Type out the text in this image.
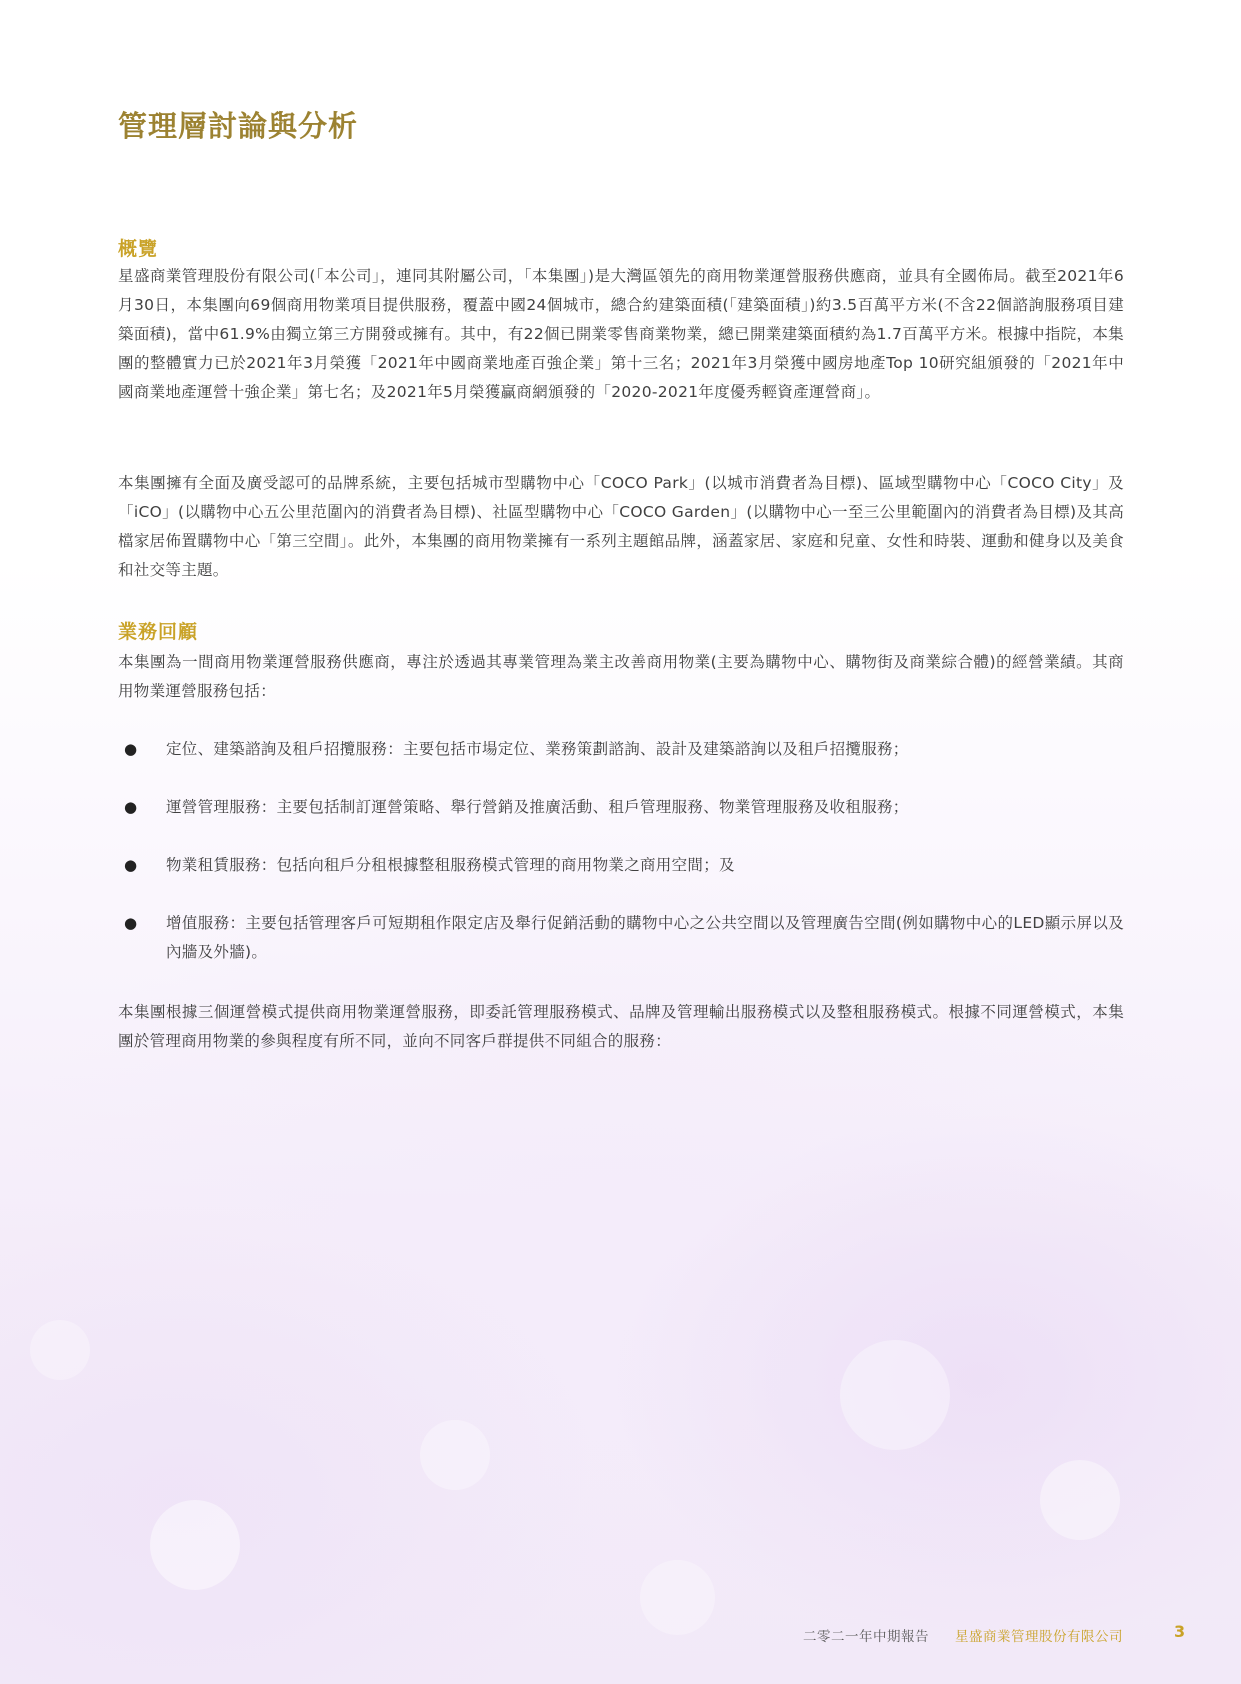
管理層討論與分析
概覽

星盛商業管理股份有限公司(「本公司」，連同其附屬公司，「本集團」)是大灣區領先的商用物業運營服務供應商，並具有全國佈局。截至2021年6月30日，本集團向69個商用物業項目提供服務，覆蓋中國24個城市，總合約建築面積(「建築面積」)約3.5百萬平方米(不含22個諮詢服務項目建築面積)，當中61.9%由獨立第三方開發或擁有。其中，有22個已開業零售商業物業，總已開業建築面積約為1.7百萬平方米。根據中指院，本集團的整體實力已於2021年3月榮獲「2021年中國商業地產百強企業」第十三名；2021年3月榮獲中國房地產Top 10研究組頒發的「2021年中國商業地產運營十強企業」第七名；及2021年5月榮獲贏商網頒發的「2020-2021年度優秀輕資產運營商」。

本集團擁有全面及廣受認可的品牌系統，主要包括城市型購物中心「COCO Park」(以城市消費者為目標)、區域型購物中心「COCO City」及「iCO」(以購物中心五公里范圍內的消費者為目標)、社區型購物中心「COCO Garden」(以購物中心一至三公里範圍內的消費者為目標)及其高檔家居佈置購物中心「第三空間」。此外，本集團的商用物業擁有一系列主題館品牌，涵蓋家居、家庭和兒童、女性和時裝、運動和健身以及美食和社交等主題。

業務回顧

本集團為一間商用物業運營服務供應商，專注於透過其專業管理為業主改善商用物業(主要為購物中心、購物街及商業綜合體)的經營業績。其商用物業運營服務包括：

● 定位、建築諮詢及租戶招攬服務：主要包括市場定位、業務策劃諮詢、設計及建築諮詢以及租戶招攬服務；
● 運營管理服務：主要包括制訂運營策略、舉行營銷及推廣活動、租戶管理服務、物業管理服務及收租服務；
● 物業租賃服務：包括向租戶分租根據整租服務模式管理的商用物業之商用空間；及
● 增值服務：主要包括管理客戶可短期租作限定店及舉行促銷活動的購物中心之公共空間以及管理廣告空間(例如購物中心的LED顯示屏以及內牆及外牆)。

本集團根據三個運營模式提供商用物業運營服務，即委託管理服務模式、品牌及管理輸出服務模式以及整租服務模式。根據不同運營模式，本集團於管理商用物業的參與程度有所不同，並向不同客戶群提供不同組合的服務：

二零二一年中期報告 星盛商業管理股份有限公司	3
